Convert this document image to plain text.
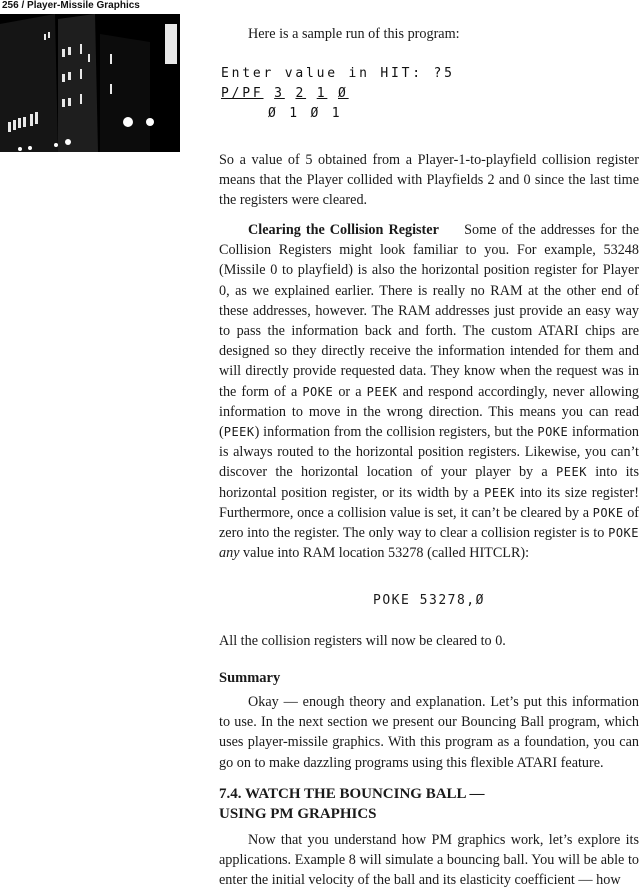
256 / Player-Missile Graphics

Here is a sample run of this program:

Enter value in HIT: ?5
P/PF 3 2 1 Ø
Ø 1 Ø 1

So a value of 5 obtained from a Player-1-to-playfield collision register means that the Player collided with Playfields 2 and 0 since the last time the registers were cleared.

Clearing the Collision Register Some of the addresses for the Collision Registers might look familiar to you. For example, 53248 (Missile 0 to playfield) is also the horizontal position register for Player 0, as we explained earlier. There is really no RAM at the other end of these addresses, however. The RAM addresses just provide an easy way to pass the information back and forth. The custom ATARI chips are designed so they directly receive the information intended for them and will directly provide requested data. They know when the request was in the form of a POKE or a PEEK and respond accordingly, never allowing information to move in the wrong direction. This means you can read (PEEK) information from the collision registers, but the POKE information is always routed to the horizontal position registers. Likewise, you can’t discover the horizontal location of your player by a PEEK into its horizontal position register, or its width by a PEEK into its size register! Furthermore, once a collision value is set, it can’t be cleared by a POKE of zero into the register. The only way to clear a collision register is to POKE any value into RAM location 53278 (called HITCLR):

POKE 53278,Ø

All the collision registers will now be cleared to 0.

Summary

Okay — enough theory and explanation. Let’s put this information to use. In the next section we present our Bouncing Ball program, which uses player-missile graphics. With this program as a foundation, you can go on to make dazzling programs using this flexible ATARI feature.

7.4. WATCH THE BOUNCING BALL —
USING PM GRAPHICS

Now that you understand how PM graphics work, let’s explore its applications. Example 8 will simulate a bouncing ball. You will be able to enter the initial velocity of the ball and its elasticity coefficient — how
